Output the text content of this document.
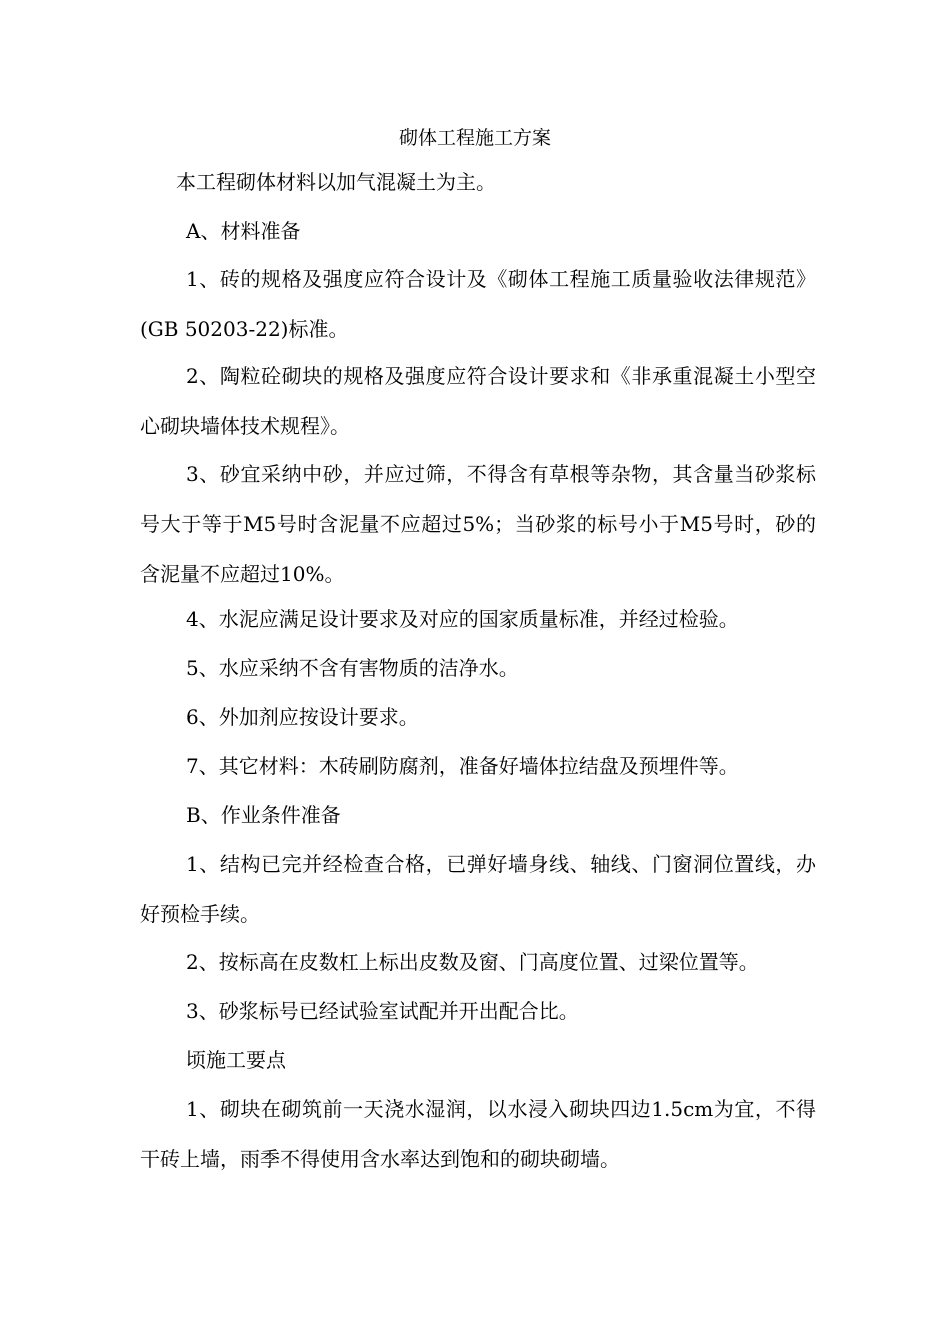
砌体工程施工方案
本工程砌体材料以加气混凝土为主。
A、材料准备
1、砖的规格及强度应符合设计及《砌体工程施工质量验收法律规范》(GB 50203-22)标准。
2、陶粒砼砌块的规格及强度应符合设计要求和《非承重混凝土小型空心砌块墙体技术规程》。
3、砂宜采纳中砂，并应过筛，不得含有草根等杂物，其含量当砂浆标号大于等于M5号时含泥量不应超过5%；当砂浆的标号小于M5号时，砂的含泥量不应超过10%。
4、水泥应满足设计要求及对应的国家质量标准，并经过检验。
5、水应采纳不含有害物质的洁净水。
6、外加剂应按设计要求。
7、其它材料：木砖刷防腐剂，准备好墙体拉结盘及预埋件等。
B、作业条件准备
1、结构已完并经检查合格，已弹好墙身线、轴线、门窗洞位置线，办好预检手续。
2、按标高在皮数杠上标出皮数及窗、门高度位置、过梁位置等。
3、砂浆标号已经试验室试配并开出配合比。
顷施工要点
1、砌块在砌筑前一天浇水湿润，以水浸入砌块四边1.5cm为宜，不得干砖上墙，雨季不得使用含水率达到饱和的砌块砌墙。
